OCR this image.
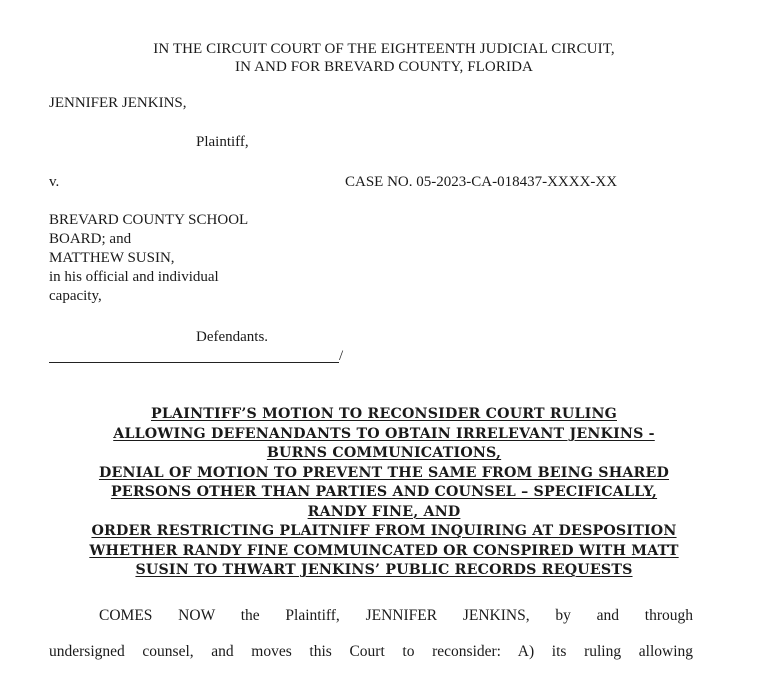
IN THE CIRCUIT COURT OF THE EIGHTEENTH JUDICIAL CIRCUIT,
IN AND FOR BREVARD COUNTY, FLORIDA
JENNIFER JENKINS,
Plaintiff,
v.	CASE NO. 05-2023-CA-018437-XXXX-XX
BREVARD COUNTY SCHOOL
BOARD; and
MATTHEW SUSIN,
in his official and individual
capacity,
Defendants.
/
PLAINTIFF’S MOTION TO RECONSIDER COURT RULING
ALLOWING DEFENANDANTS TO OBTAIN IRRELEVANT JENKINS -
BURNS COMMUNICATIONS,
DENIAL OF MOTION TO PREVENT THE SAME FROM BEING SHARED
PERSONS OTHER THAN PARTIES AND COUNSEL – SPECIFICALLY,
RANDY FINE, AND
ORDER RESTRICTING PLAITNIFF FROM INQUIRING AT DESPOSITION
WHETHER RANDY FINE COMMUINCATED OR CONSPIRED WITH MATT
SUSIN TO THWART JENKINS’ PUBLIC RECORDS REQUESTS
COMES NOW the Plaintiff, JENNIFER JENKINS, by and through
undersigned counsel, and moves this Court to reconsider: A) its ruling allowing
